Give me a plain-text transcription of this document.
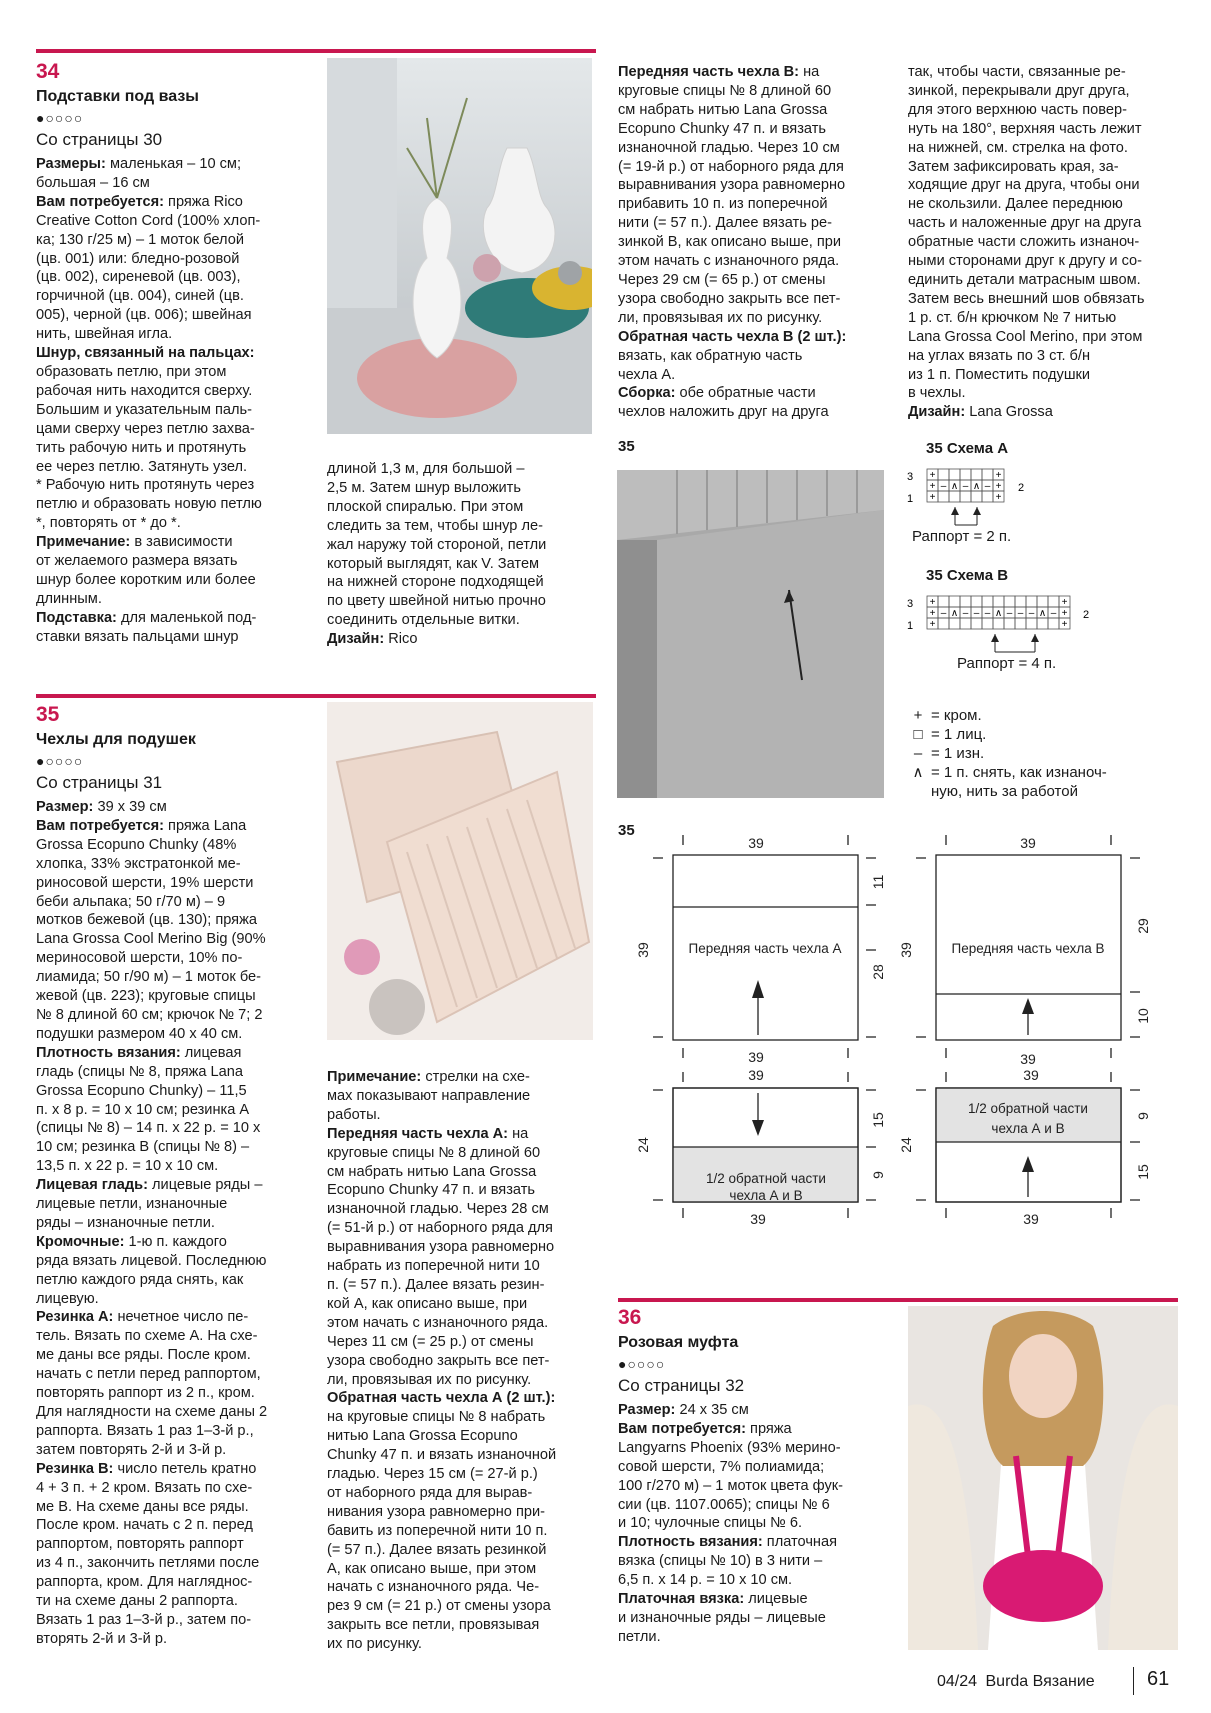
34
Подставки под вазы
●○○○○
Со страницы 30

Размеры: маленькая – 10 см;
большая – 16 см

Вам потребуется: пряжа Rico
Creative Cotton Cord (100% хлоп-
ка; 130 г/25 м) – 1 моток белой
(цв. 001) или: бледно-розовой
(цв. 002), сиреневой (цв. 003),
горчичной (цв. 004), синей (цв.
005), черной (цв. 006); швейная
нить, швейная игла.

Шнур, связанный на пальцах:
образовать петлю, при этом
рабочая нить находится сверху.
Большим и указательным паль-
цами сверху через петлю захва-
тить рабочую нить и протянуть
ее через петлю. Затянуть узел.
* Рабочую нить протянуть через
петлю и образовать новую петлю
*, повторять от * до *.

Примечание: в зависимости
от желаемого размера вязать
шнур более коротким или более
длинным.

Подставка: для маленькой под-
ставки вязать пальцами шнур

длиной 1,3 м, для большой –
2,5 м. Затем шнур выложить
плоской спиралью. При этом
следить за тем, чтобы шнур ле-
жал наружу той стороной, петли
который выглядят, как V. Затем
на нижней стороне подходящей
по цвету швейной нитью прочно
соединить отдельные витки.

Дизайн: Rico

35
Чехлы для подушек
●○○○○
Со страницы 31

Размер: 39 x 39 см

Вам потребуется: пряжа Lana
Grossa Ecopuno Chunky (48%
хлопка, 33% экстратонкой ме-
риносовой шерсти, 19% шерсти
беби альпака; 50 г/70 м) – 9
мотков бежевой (цв. 130); пряжа
Lana Grossa Cool Merino Big (90%
мериносовой шерсти, 10% по-
лиамида; 50 г/90 м) – 1 моток бе-
жевой (цв. 223); круговые спицы
№ 8 длиной 60 см; крючок № 7; 2
подушки размером 40 x 40 см.

Плотность вязания: лицевая
гладь (спицы № 8, пряжа Lana
Grossa Ecopuno Chunky) – 11,5
п. х 8 р. = 10 х 10 см; резинка А
(спицы № 8) – 14 п. х 22 р. = 10 х
10 см; резинка В (спицы № 8) –
13,5 п. х 22 р. = 10 х 10 см.

Лицевая гладь: лицевые ряды –
лицевые петли, изнаночные
ряды – изнаночные петли.

Кромочные: 1-ю п. каждого
ряда вязать лицевой. Последнюю
петлю каждого ряда снять, как
лицевую.

Резинка А: нечетное число пе-
тель. Вязать по схеме А. На схе-
ме даны все ряды. После кром.
начать с петли перед раппортом,
повторять раппорт из 2 п., кром.
Для наглядности на схеме даны 2
раппорта. Вязать 1 раз 1–3-й р.,
затем повторять 2-й и 3-й р.

Резинка В: число петель кратно
4 + 3 п. + 2 кром. Вязать по схе-
ме В. На схеме даны все ряды.
После кром. начать с 2 п. перед
раппортом, повторять раппорт
из 4 п., закончить петлями после
раппорта, кром. Для нагляднос-
ти на схеме даны 2 раппорта.
Вязать 1 раз 1–3-й р., затем по-
вторять 2-й и 3-й р.

Примечание: стрелки на схе-
мах показывают направление
работы.

Передняя часть чехла А: на
круговые спицы № 8 длиной 60
см набрать нитью Lana Grossa
Ecopuno Chunky 47 п. и вязать
изнаночной гладью. Через 28 см
(= 51-й р.) от наборного ряда для
выравнивания узора равномерно
набрать из поперечной нити 10
п. (= 57 п.). Далее вязать резин-
кой А, как описано выше, при
этом начать с изнаночного ряда.
Через 11 см (= 25 р.) от смены
узора свободно закрыть все пет-
ли, провязывая их по рисунку.

Обратная часть чехла А (2 шт.):
на круговые спицы № 8 набрать
нитью Lana Grossa Ecopuno
Chunky 47 п. и вязать изнаночной
гладью. Через 15 см (= 27-й р.)
от наборного ряда для вырав-
нивания узора равномерно при-
бавить из поперечной нити 10 п.
(= 57 п.). Далее вязать резинкой
А, как описано выше, при этом
начать с изнаночного ряда. Че-
рез 9 см (= 21 р.) от смены узора
закрыть все петли, провязывая
их по рисунку.

Передняя часть чехла В: на
круговые спицы № 8 длиной 60
см набрать нитью Lana Grossa
Ecopuno Chunky 47 п. и вязать
изнаночной гладью. Через 10 см
(= 19-й р.) от наборного ряда для
выравнивания узора равномерно
прибавить 10 п. из поперечной
нити (= 57 п.). Далее вязать ре-
зинкой В, как описано выше, при
этом начать с изнаночного ряда.
Через 29 см (= 65 р.) от смены
узора свободно закрыть все пет-
ли, провязывая их по рисунку.

Обратная часть чехла В (2 шт.):
вязать, как обратную часть
чехла А.

Сборка: обе обратные части
чехлов наложить друг на друга

так, чтобы части, связанные ре-
зинкой, перекрывали друг друга,
для этого верхнюю часть повер-
нуть на 180°, верхняя часть лежит
на нижней, см. стрелка на фото.
Затем зафиксировать края, за-
ходящие друг на друга, чтобы они
не скользили. Далее переднюю
часть и наложенные друг на друга
обратные части сложить изнаноч-
ными сторонами друг к другу и со-
единить детали матрасным швом.
Затем весь внешний шов обвязать
1 р. ст. б/н крючком № 7 нитью
Lana Grossa Cool Merino, при этом
на углах вязать по 3 ст. б/н
из 1 п. Поместить подушки
в чехлы.

Дизайн: Lana Grossa

35	35 Схема А
35 Схема В
3
2
1
+	+
+ – ∧ – ∧ – +
+	+
Раппорт = 2 п.
3
2
1
+	+
+ – ∧ – – – ∧ – – – ∧ – +
+	+
Раппорт = 4 п.
+ = кром.
□ = 1 лиц.
– = 1 изн.
∧ = 1 п. снять, как изнаноч-
ную, нить за работой
35
39
39
39
39
39	39
39	39
39	39
11
28
29
10
24	24
15
9
9
15
Передняя часть чехла А	Передняя часть чехла В
1/2 обратной части
чехла А и В
1/2 обратной части
чехла А и В
36
Розовая муфта
●○○○○
Со страницы 32

Размер: 24 x 35 см

Вам потребуется: пряжа
Langyarns Phoenix (93% мерино-
совой шерсти, 7% полиамида;
100 г/270 м) – 1 моток цвета фук-
сии (цв. 1107.0065); спицы № 6
и 10; чулочные спицы № 6.

Плотность вязания: платочная
вязка (спицы № 10) в 3 нити –
6,5 п. х 14 р. = 10 х 10 см.

Платочная вязка: лицевые
и изнаночные ряды – лицевые
петли.

04/24 Burda Вязание	61
